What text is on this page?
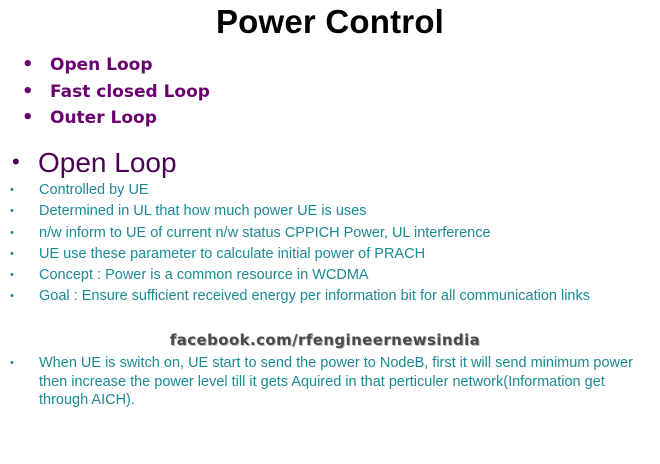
Power Control
• Open Loop
• Fast closed Loop
• Outer Loop
• Open Loop
• Controlled by UE
• Determined in UL that how much power UE is uses
• n/w inform to UE of current n/w status CPPICH Power, UL interference
• UE use these parameter to calculate initial power of PRACH
• Concept : Power is a common resource in WCDMA
• Goal : Ensure sufficient received energy per information bit for all communication links
facebook.com/rfengineernewsindia
• When UE is switch on, UE start to send the power to NodeB, first it will send minimum power then increase the power level till it gets Aquired in that perticuler network(Information get through AICH).
